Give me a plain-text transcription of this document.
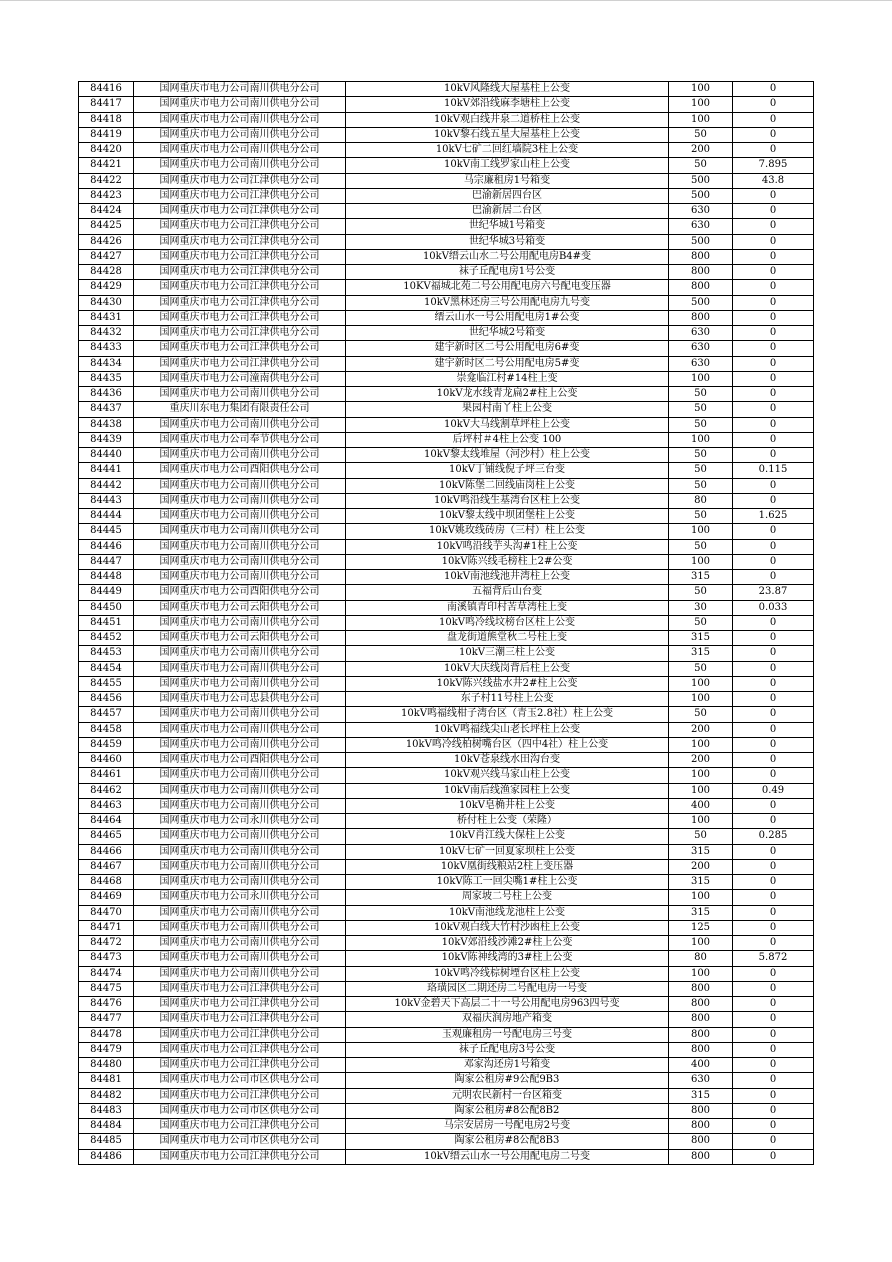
84416	国网重庆市电力公司南川供电分公司	10kV风隆线大屋基柱上公变	100	0
84417	国网重庆市电力公司南川供电分公司	10kV郊沿线麻李塘柱上公变	100	0
84418	国网重庆市电力公司南川供电分公司	10kV观白线井泉二道桥柱上公变	100	0
84419	国网重庆市电力公司南川供电分公司	10kV黎石线五星大屋基柱上公变	50	0
84420	国网重庆市电力公司南川供电分公司	10kV七矿二回红墙院3柱上公变	200	0
84421	国网重庆市电力公司南川供电分公司	10kV南工线罗家山柱上公变	50	7.895
84422	国网重庆市电力公司江津供电分公司	马宗廉租房1号箱变	500	43.8
84423	国网重庆市电力公司江津供电分公司	巴渝新居四台区	500	0
84424	国网重庆市电力公司江津供电分公司	巴渝新居二台区	630	0
84425	国网重庆市电力公司江津供电分公司	世纪华城1号箱变	630	0
84426	国网重庆市电力公司江津供电分公司	世纪华城3号箱变	500	0
84427	国网重庆市电力公司江津供电分公司	10kV缙云山水二号公用配电房B4#变	800	0
84428	国网重庆市电力公司江津供电分公司	袜子丘配电房1号公变	800	0
84429	国网重庆市电力公司江津供电分公司	10KV福城北苑二号公用配电房六号配电变压器	800	0
84430	国网重庆市电力公司江津供电分公司	10kV黑林还房三号公用配电房九号变	500	0
84431	国网重庆市电力公司江津供电分公司	缙云山水一号公用配电房1#公变	800	0
84432	国网重庆市电力公司江津供电分公司	世纪华城2号箱变	630	0
84433	国网重庆市电力公司江津供电分公司	建宇新时区二号公用配电房6#变	630	0
84434	国网重庆市电力公司江津供电分公司	建宇新时区二号公用配电房5#变	630	0
84435	国网重庆市电力公司潼南供电分公司	崇龛临江村#14柱上变	100	0
84436	国网重庆市电力公司南川供电分公司	10kV龙水线青龙扁2#柱上公变	50	0
84437	重庆川东电力集团有限责任公司	果园村南丫柱上公变	50	0
84438	国网重庆市电力公司南川供电分公司	10kV大马线割草坪柱上公变	50	0
84439	国网重庆市电力公司奉节供电分公司	后坪村＃4柱上公变 100	100	0
84440	国网重庆市电力公司南川供电分公司	10kV黎太线堆屋（河沙村）柱上公变	50	0
84441	国网重庆市电力公司酉阳供电分公司	10kV丁铺线倪子坪三台变	50	0.115
84442	国网重庆市电力公司南川供电分公司	10kV陈堡二回线庙岗柱上公变	50	0
84443	国网重庆市电力公司南川供电分公司	10kV鸣沿线生基湾台区柱上公变	80	0
84444	国网重庆市电力公司南川供电分公司	10kV黎太线中坝团堡柱上公变	50	1.625
84445	国网重庆市电力公司南川供电分公司	10kV姚玫线砖房（三村）柱上公变	100	0
84446	国网重庆市电力公司南川供电分公司	10kV鸣沿线芋头沟#1柱上公变	50	0
84447	国网重庆市电力公司南川供电分公司	10kV陈兴线毛榜柱上2#公变	100	0
84448	国网重庆市电力公司南川供电分公司	10kV南池线池井湾柱上公变	315	0
84449	国网重庆市电力公司酉阳供电分公司	五福背后山台变	50	23.87
84450	国网重庆市电力公司云阳供电分公司	南溪镇青印村苦草湾柱上变	30	0.033
84451	国网重庆市电力公司南川供电分公司	10kV鸣冷线坟榜台区柱上公变	50	0
84452	国网重庆市电力公司云阳供电分公司	盘龙街道熊堂秋二号柱上变	315	0
84453	国网重庆市电力公司南川供电分公司	10kV三潮三柱上公变	315	0
84454	国网重庆市电力公司南川供电分公司	10kV大庆线岗背后柱上公变	50	0
84455	国网重庆市电力公司南川供电分公司	10kV陈兴线盐水井2#柱上公变	100	0
84456	国网重庆市电力公司忠县供电分公司	东子村11号柱上公变	100	0
84457	国网重庆市电力公司南川供电分公司	10kV鸣福线柑子湾台区（青玉2.8社）柱上公变	50	0
84458	国网重庆市电力公司南川供电分公司	10kV鸣福线尖山老长坪柱上公变	200	0
84459	国网重庆市电力公司南川供电分公司	10kV鸣冷线柏树嘴台区（四中4社）柱上公变	100	0
84460	国网重庆市电力公司酉阳供电分公司	10kV苍泉线水田沟台变	200	0
84461	国网重庆市电力公司南川供电分公司	10kV观兴线马家山柱上公变	100	0
84462	国网重庆市电力公司南川供电分公司	10kV南后线渔家园柱上公变	100	0.49
84463	国网重庆市电力公司南川供电分公司	10kV皂桷井柱上公变	400	0
84464	国网重庆市电力公司永川供电分公司	桥付柱上公变（荣隆）	100	0
84465	国网重庆市电力公司南川供电分公司	10kV肖江线大保柱上公变	50	0.285
84466	国网重庆市电力公司南川供电分公司	10kV七矿一回夏家坝柱上公变	315	0
84467	国网重庆市电力公司南川供电分公司	10kV凰街线粮站2柱上变压器	200	0
84468	国网重庆市电力公司南川供电分公司	10kV陈工一回尖嘴1#柱上公变	315	0
84469	国网重庆市电力公司永川供电分公司	周家坡二号柱上公变	100	0
84470	国网重庆市电力公司南川供电分公司	10kV南池线龙池柱上公变	315	0
84471	国网重庆市电力公司南川供电分公司	10kV观白线大竹村沙凼柱上公变	125	0
84472	国网重庆市电力公司南川供电分公司	10kV郊沿线沙滩2#柱上公变	100	0
84473	国网重庆市电力公司南川供电分公司	10kV陈神线湾的3#柱上公变	80	5.872
84474	国网重庆市电力公司南川供电分公司	10kV鸣冷线棕树堙台区柱上公变	100	0
84475	国网重庆市电力公司江津供电分公司	珞璜园区二期还房二号配电房一号变	800	0
84476	国网重庆市电力公司江津供电分公司	10kV金碧天下高层二十一号公用配电房963四号变	800	0
84477	国网重庆市电力公司江津供电分公司	双福庆润房地产箱变	800	0
84478	国网重庆市电力公司江津供电分公司	玉观廉租房一号配电房三号变	800	0
84479	国网重庆市电力公司江津供电分公司	袜子丘配电房3号公变	800	0
84480	国网重庆市电力公司江津供电分公司	邓家沟还房1号箱变	400	0
84481	国网重庆市电力公司市区供电分公司	陶家公租房#9公配9B3	630	0
84482	国网重庆市电力公司江津供电分公司	元明农民新村一台区箱变	315	0
84483	国网重庆市电力公司市区供电分公司	陶家公租房#8公配8B2	800	0
84484	国网重庆市电力公司江津供电分公司	马宗安居房一号配电房2号变	800	0
84485	国网重庆市电力公司市区供电分公司	陶家公租房#8公配8B3	800	0
84486	国网重庆市电力公司江津供电分公司	10kV缙云山水一号公用配电房二号变	800	0
